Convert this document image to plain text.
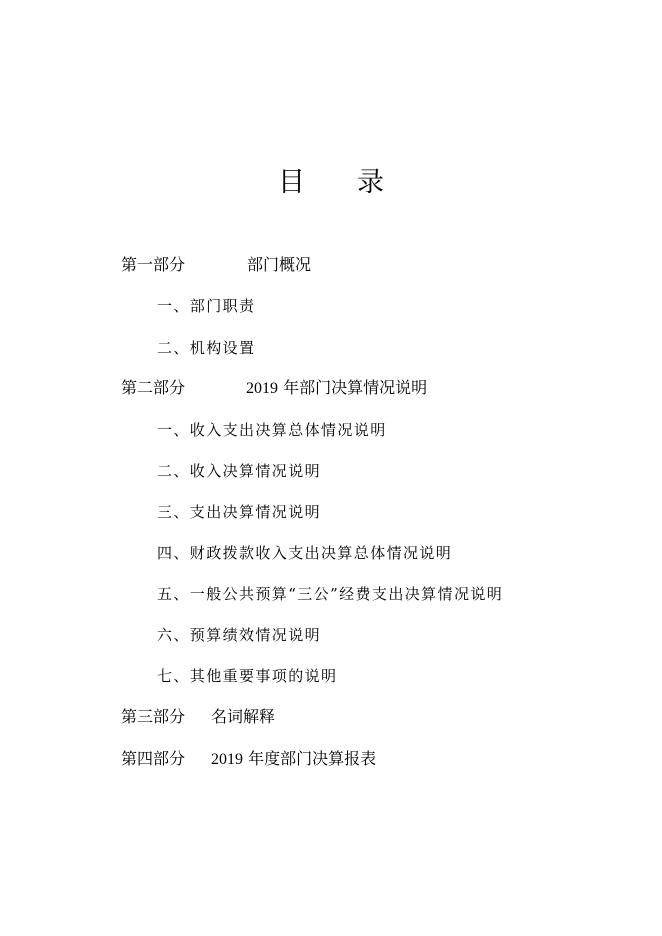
目 录
第一部分	部门概况
一、部门职责
二、机构设置
第二部分	2019 年部门决算情况说明
一、收入支出决算总体情况说明
二、收入决算情况说明
三、支出决算情况说明
四、财政拨款收入支出决算总体情况说明
五、一般公共预算“三公”经费支出决算情况说明
六、预算绩效情况说明
七、其他重要事项的说明
第三部分 名词解释
第四部分 2019 年度部门决算报表
